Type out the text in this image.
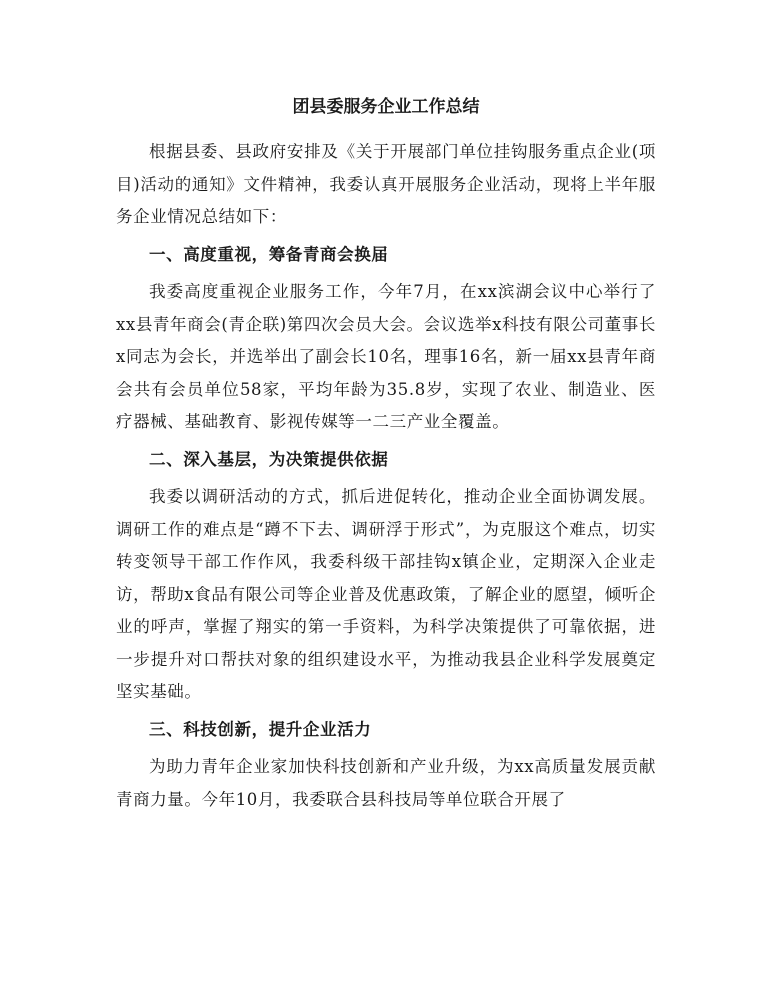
团县委服务企业工作总结

根据县委、县政府安排及《关于开展部门单位挂钩服务重点企业(项目)活动的通知》文件精神，我委认真开展服务企业活动，现将上半年服务企业情况总结如下：

一、高度重视，筹备青商会换届

我委高度重视企业服务工作，今年7月，在xx滨湖会议中心举行了xx县青年商会(青企联)第四次会员大会。会议选举x科技有限公司董事长x同志为会长，并选举出了副会长10名，理事16名，新一届xx县青年商会共有会员单位58家，平均年龄为35.8岁，实现了农业、制造业、医疗器械、基础教育、影视传媒等一二三产业全覆盖。

二、深入基层，为决策提供依据

我委以调研活动的方式，抓后进促转化，推动企业全面协调发展。调研工作的难点是“蹲不下去、调研浮于形式”，为克服这个难点，切实转变领导干部工作作风，我委科级干部挂钩x镇企业，定期深入企业走访，帮助x食品有限公司等企业普及优惠政策，了解企业的愿望，倾听企业的呼声，掌握了翔实的第一手资料，为科学决策提供了可靠依据，进一步提升对口帮扶对象的组织建设水平，为推动我县企业科学发展奠定坚实基础。

三、科技创新，提升企业活力

为助力青年企业家加快科技创新和产业升级，为xx高质量发展贡献青商力量。今年10月，我委联合县科技局等单位联合开展了
